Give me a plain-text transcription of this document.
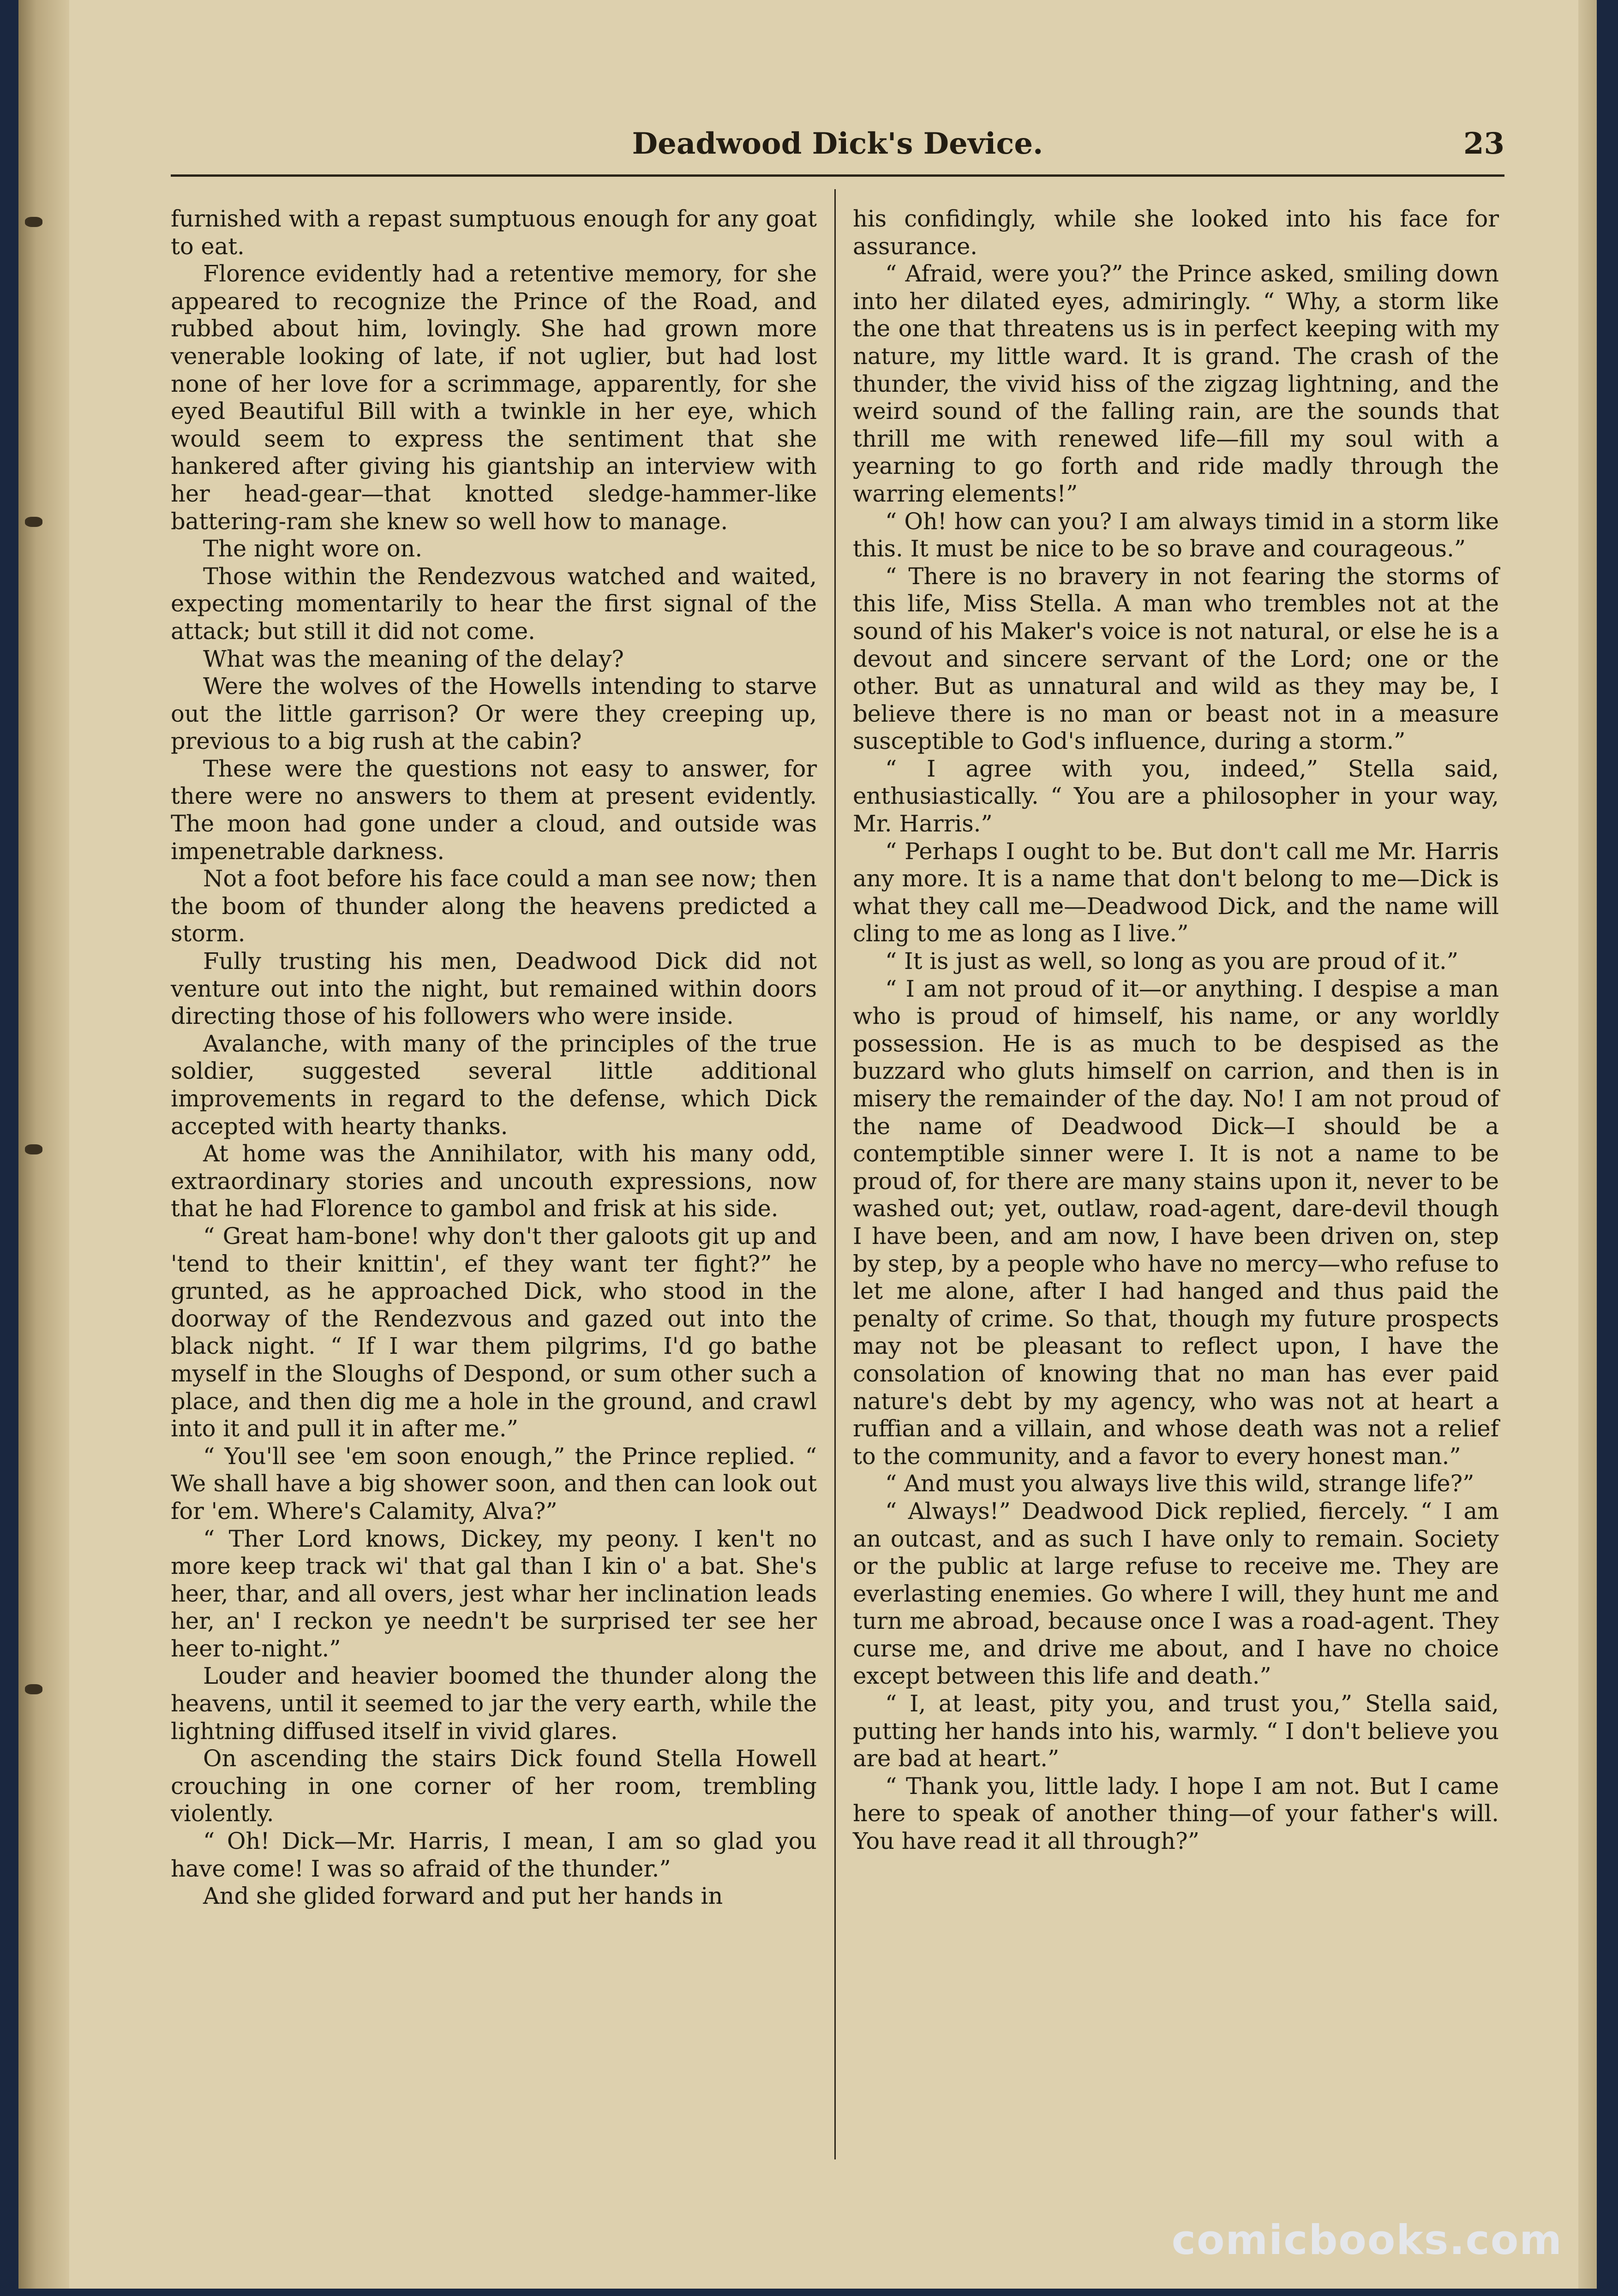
Deadwood Dick's Device.	23

furnished with a repast sumptuous enough for any goat to eat.

Florence evidently had a retentive memory, for she appeared to recognize the Prince of the Road, and rubbed about him, lovingly. She had grown more venerable looking of late, if not uglier, but had lost none of her love for a scrimmage, apparently, for she eyed Beautiful Bill with a twinkle in her eye, which would seem to express the sentiment that she hankered after giving his giantship an interview with her head-gear—that knotted sledge-hammer-like battering-ram she knew so well how to manage.

The night wore on.

Those within the Rendezvous watched and waited, expecting momentarily to hear the first signal of the attack; but still it did not come.

What was the meaning of the delay?

Were the wolves of the Howells intending to starve out the little garrison? Or were they creeping up, previous to a big rush at the cabin?

These were the questions not easy to answer, for there were no answers to them at present evidently. The moon had gone under a cloud, and outside was impenetrable darkness.

Not a foot before his face could a man see now; then the boom of thunder along the heavens predicted a storm.

Fully trusting his men, Deadwood Dick did not venture out into the night, but remained within doors directing those of his followers who were inside.

Avalanche, with many of the principles of the true soldier, suggested several little additional improvements in regard to the defense, which Dick accepted with hearty thanks.

At home was the Annihilator, with his many odd, extraordinary stories and uncouth expressions, now that he had Florence to gambol and frisk at his side.

“ Great ham-bone! why don't ther galoots git up and 'tend to their knittin', ef they want ter fight?” he grunted, as he approached Dick, who stood in the doorway of the Rendezvous and gazed out into the black night. “ If I war them pilgrims, I'd go bathe myself in the Sloughs of Despond, or sum other such a place, and then dig me a hole in the ground, and crawl into it and pull it in after me.”

“ You'll see 'em soon enough,” the Prince replied. “ We shall have a big shower soon, and then can look out for 'em. Where's Calamity, Alva?”

“ Ther Lord knows, Dickey, my peony. I ken't no more keep track wi' that gal than I kin o' a bat. She's heer, thar, and all overs, jest whar her inclination leads her, an' I reckon ye needn't be surprised ter see her heer to-night.”

Louder and heavier boomed the thunder along the heavens, until it seemed to jar the very earth, while the lightning diffused itself in vivid glares.

On ascending the stairs Dick found Stella Howell crouching in one corner of her room, trembling violently.

“ Oh! Dick—Mr. Harris, I mean, I am so glad you have come! I was so afraid of the thunder.”

And she glided forward and put her hands in

his confidingly, while she looked into his face for assurance.

“ Afraid, were you?” the Prince asked, smiling down into her dilated eyes, admiringly. “ Why, a storm like the one that threatens us is in perfect keeping with my nature, my little ward. It is grand. The crash of the thunder, the vivid hiss of the zigzag lightning, and the weird sound of the falling rain, are the sounds that thrill me with renewed life—fill my soul with a yearning to go forth and ride madly through the warring elements!”

“ Oh! how can you? I am always timid in a storm like this. It must be nice to be so brave and courageous.”

“ There is no bravery in not fearing the storms of this life, Miss Stella. A man who trembles not at the sound of his Maker's voice is not natural, or else he is a devout and sincere servant of the Lord; one or the other. But as unnatural and wild as they may be, I believe there is no man or beast not in a measure susceptible to God's influence, during a storm.”

“ I agree with you, indeed,” Stella said, enthusiastically. “ You are a philosopher in your way, Mr. Harris.”

“ Perhaps I ought to be. But don't call me Mr. Harris any more. It is a name that don't belong to me—Dick is what they call me—Deadwood Dick, and the name will cling to me as long as I live.”

“ It is just as well, so long as you are proud of it.”

“ I am not proud of it—or anything. I despise a man who is proud of himself, his name, or any worldly possession. He is as much to be despised as the buzzard who gluts himself on carrion, and then is in misery the remainder of the day. No! I am not proud of the name of Deadwood Dick—I should be a contemptible sinner were I. It is not a name to be proud of, for there are many stains upon it, never to be washed out; yet, outlaw, road-agent, dare-devil though I have been, and am now, I have been driven on, step by step, by a people who have no mercy—who refuse to let me alone, after I had hanged and thus paid the penalty of crime. So that, though my future prospects may not be pleasant to reflect upon, I have the consolation of knowing that no man has ever paid nature's debt by my agency, who was not at heart a ruffian and a villain, and whose death was not a relief to the community, and a favor to every honest man.”

“ And must you always live this wild, strange life?”

“ Always!” Deadwood Dick replied, fiercely. “ I am an outcast, and as such I have only to remain. Society or the public at large refuse to receive me. They are everlasting enemies. Go where I will, they hunt me and turn me abroad, because once I was a road-agent. They curse me, and drive me about, and I have no choice except between this life and death.”

“ I, at least, pity you, and trust you,” Stella said, putting her hands into his, warmly. “ I don't believe you are bad at heart.”

“ Thank you, little lady. I hope I am not. But I came here to speak of another thing—of your father's will. You have read it all through?”

comicbooks.com
